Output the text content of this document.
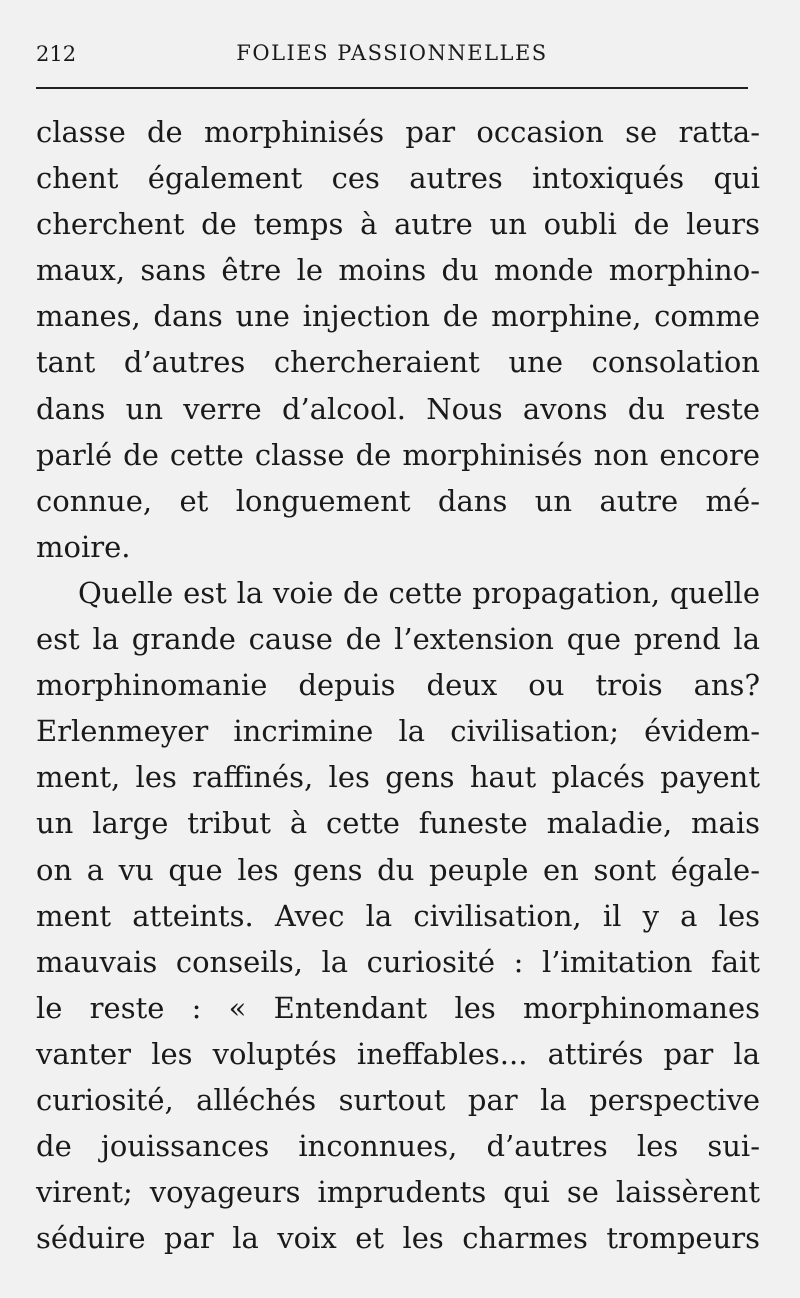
212	FOLIES PASSIONNELLES
classe de morphinisés par occasion se ratta-
chent également ces autres intoxiqués qui
cherchent de temps à autre un oubli de leurs
maux, sans être le moins du monde morphino-
manes, dans une injection de morphine, comme
tant d’autres chercheraient une consolation
dans un verre d’alcool. Nous avons du reste
parlé de cette classe de morphinisés non encore
connue, et longuement dans un autre mé-
moire.
Quelle est la voie de cette propagation, quelle
est la grande cause de l’extension que prend la
morphinomanie depuis deux ou trois ans?
Erlenmeyer incrimine la civilisation; évidem-
ment, les raffinés, les gens haut placés payent
un large tribut à cette funeste maladie, mais
on a vu que les gens du peuple en sont égale-
ment atteints. Avec la civilisation, il y a les
mauvais conseils, la curiosité : l’imitation fait
le reste : « Entendant les morphinomanes
vanter les voluptés ineffables... attirés par la
curiosité, alléchés surtout par la perspective
de jouissances inconnues, d’autres les sui-
virent; voyageurs imprudents qui se laissèrent
séduire par la voix et les charmes trompeurs
